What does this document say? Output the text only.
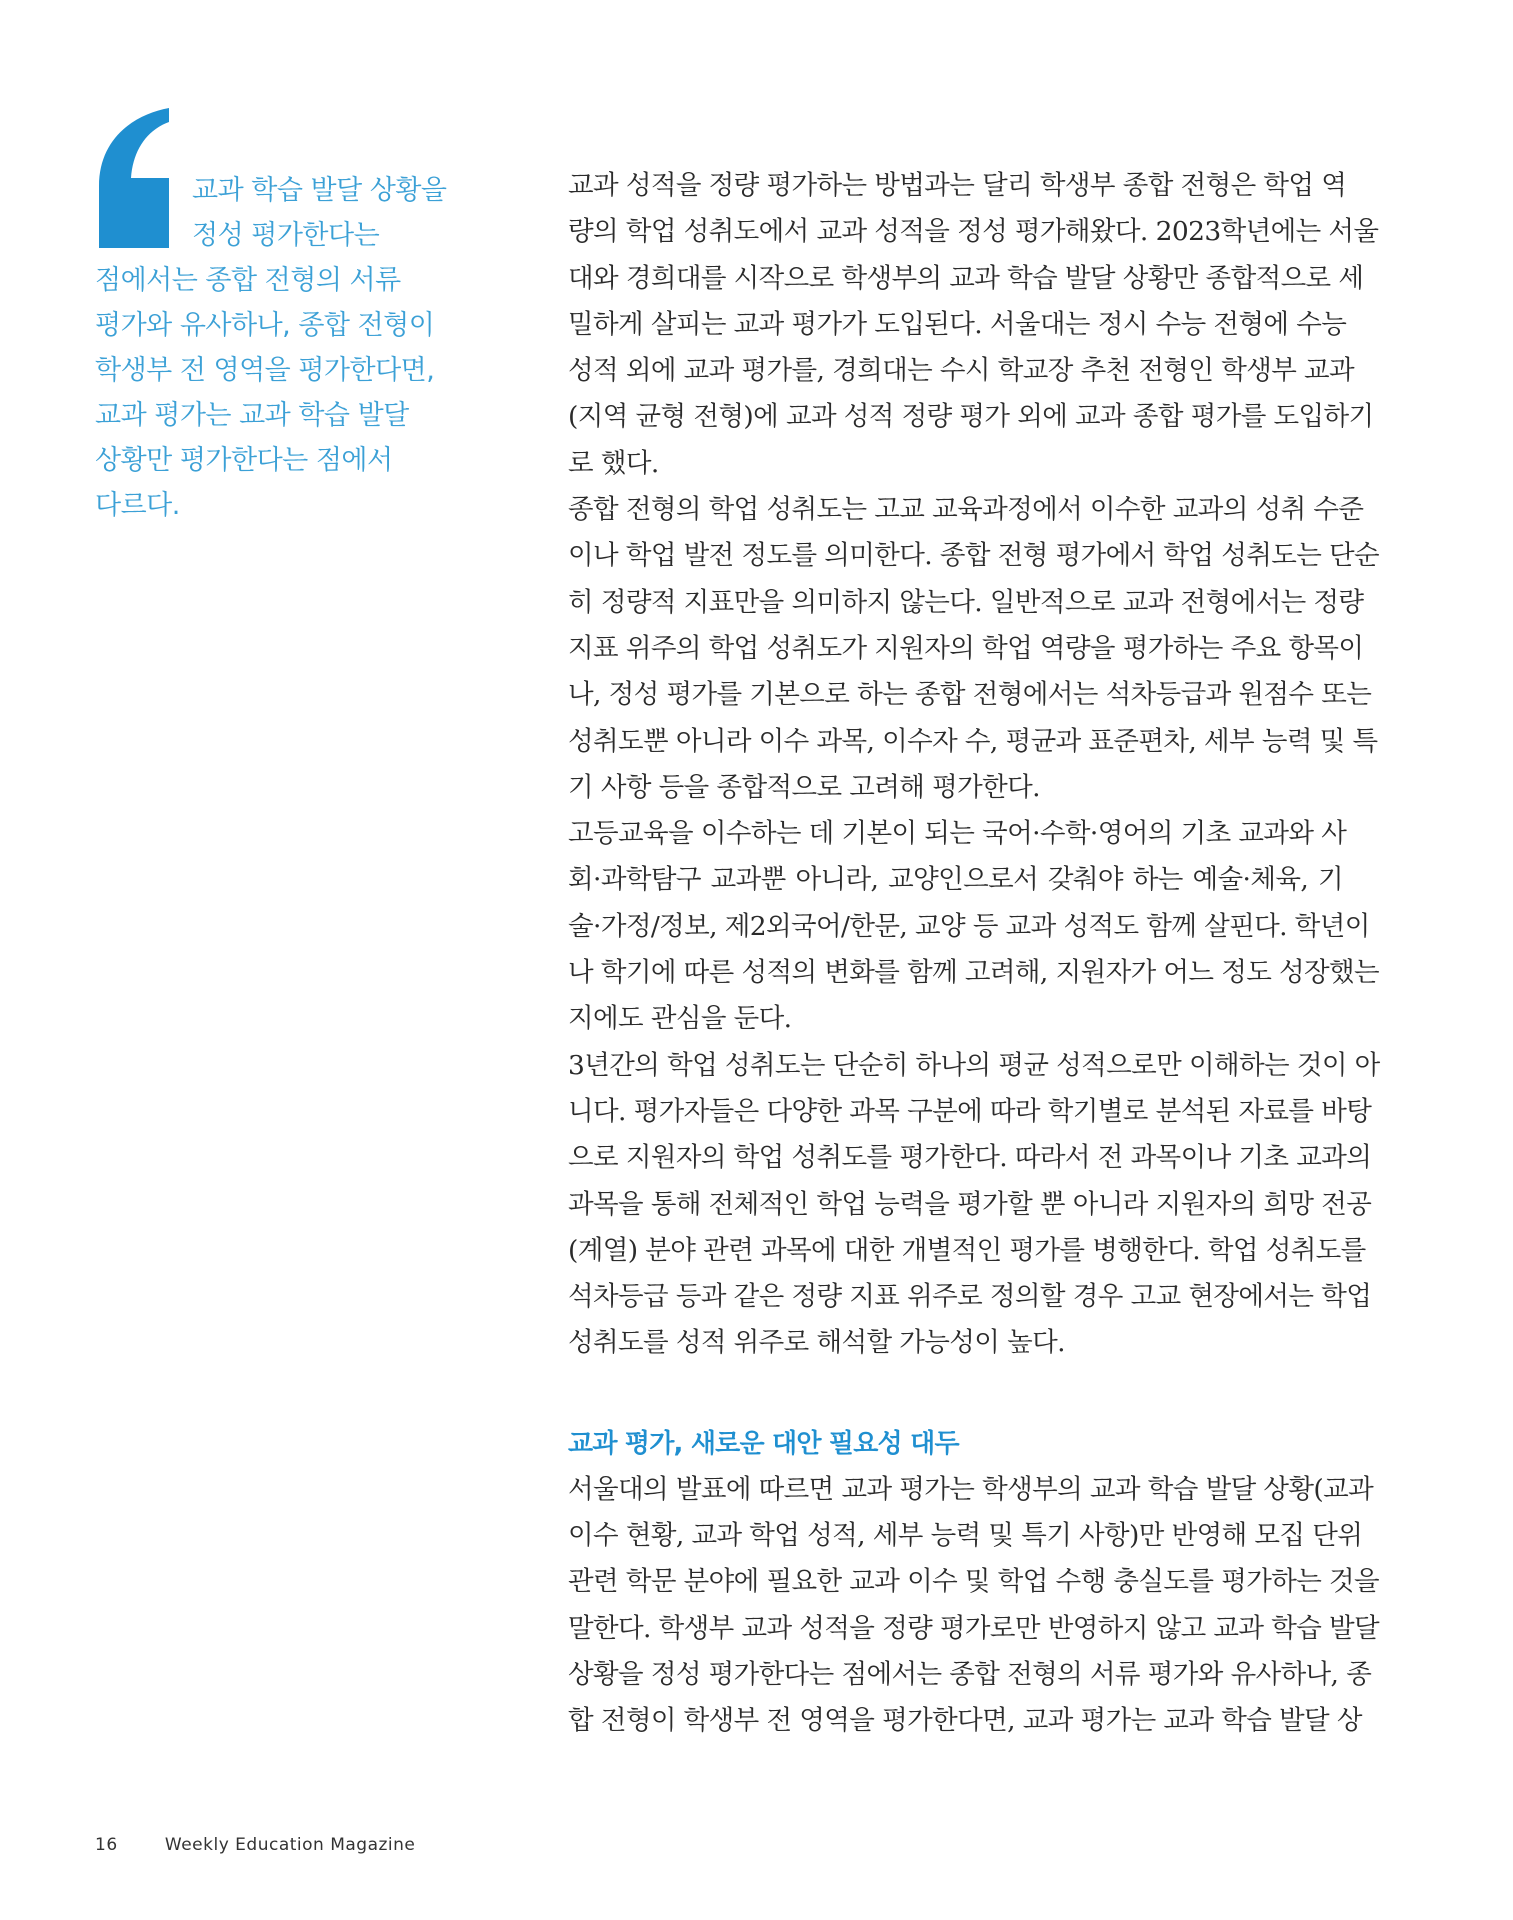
교과 학습 발달 상황을
정성 평가한다는
점에서는 종합 전형의 서류
평가와 유사하나, 종합 전형이
학생부 전 영역을 평가한다면,
교과 평가는 교과 학습 발달
상황만 평가한다는 점에서
다르다.
교과 성적을 정량 평가하는 방법과는 달리 학생부 종합 전형은 학업 역
량의 학업 성취도에서 교과 성적을 정성 평가해왔다. 2023학년에는 서울
대와 경희대를 시작으로 학생부의 교과 학습 발달 상황만 종합적으로 세
밀하게 살피는 교과 평가가 도입된다. 서울대는 정시 수능 전형에 수능
성적 외에 교과 평가를, 경희대는 수시 학교장 추천 전형인 학생부 교과
(지역 균형 전형)에 교과 성적 정량 평가 외에 교과 종합 평가를 도입하기
로 했다.
종합 전형의 학업 성취도는 고교 교육과정에서 이수한 교과의 성취 수준
이나 학업 발전 정도를 의미한다. 종합 전형 평가에서 학업 성취도는 단순
히 정량적 지표만을 의미하지 않는다. 일반적으로 교과 전형에서는 정량
지표 위주의 학업 성취도가 지원자의 학업 역량을 평가하는 주요 항목이
나, 정성 평가를 기본으로 하는 종합 전형에서는 석차등급과 원점수 또는
성취도뿐 아니라 이수 과목, 이수자 수, 평균과 표준편차, 세부 능력 및 특
기 사항 등을 종합적으로 고려해 평가한다.
고등교육을 이수하는 데 기본이 되는 국어·수학·영어의 기초 교과와 사
회·과학탐구 교과뿐 아니라, 교양인으로서 갖춰야 하는 예술·체육, 기
술·가정/정보, 제2외국어/한문, 교양 등 교과 성적도 함께 살핀다. 학년이
나 학기에 따른 성적의 변화를 함께 고려해, 지원자가 어느 정도 성장했는
지에도 관심을 둔다.
3년간의 학업 성취도는 단순히 하나의 평균 성적으로만 이해하는 것이 아
니다. 평가자들은 다양한 과목 구분에 따라 학기별로 분석된 자료를 바탕
으로 지원자의 학업 성취도를 평가한다. 따라서 전 과목이나 기초 교과의
과목을 통해 전체적인 학업 능력을 평가할 뿐 아니라 지원자의 희망 전공
(계열) 분야 관련 과목에 대한 개별적인 평가를 병행한다. 학업 성취도를
석차등급 등과 같은 정량 지표 위주로 정의할 경우 고교 현장에서는 학업
성취도를 성적 위주로 해석할 가능성이 높다.
교과 평가, 새로운 대안 필요성 대두
서울대의 발표에 따르면 교과 평가는 학생부의 교과 학습 발달 상황(교과
이수 현황, 교과 학업 성적, 세부 능력 및 특기 사항)만 반영해 모집 단위
관련 학문 분야에 필요한 교과 이수 및 학업 수행 충실도를 평가하는 것을
말한다. 학생부 교과 성적을 정량 평가로만 반영하지 않고 교과 학습 발달
상황을 정성 평가한다는 점에서는 종합 전형의 서류 평가와 유사하나, 종
합 전형이 학생부 전 영역을 평가한다면, 교과 평가는 교과 학습 발달 상
16	Weekly Education Magazine
